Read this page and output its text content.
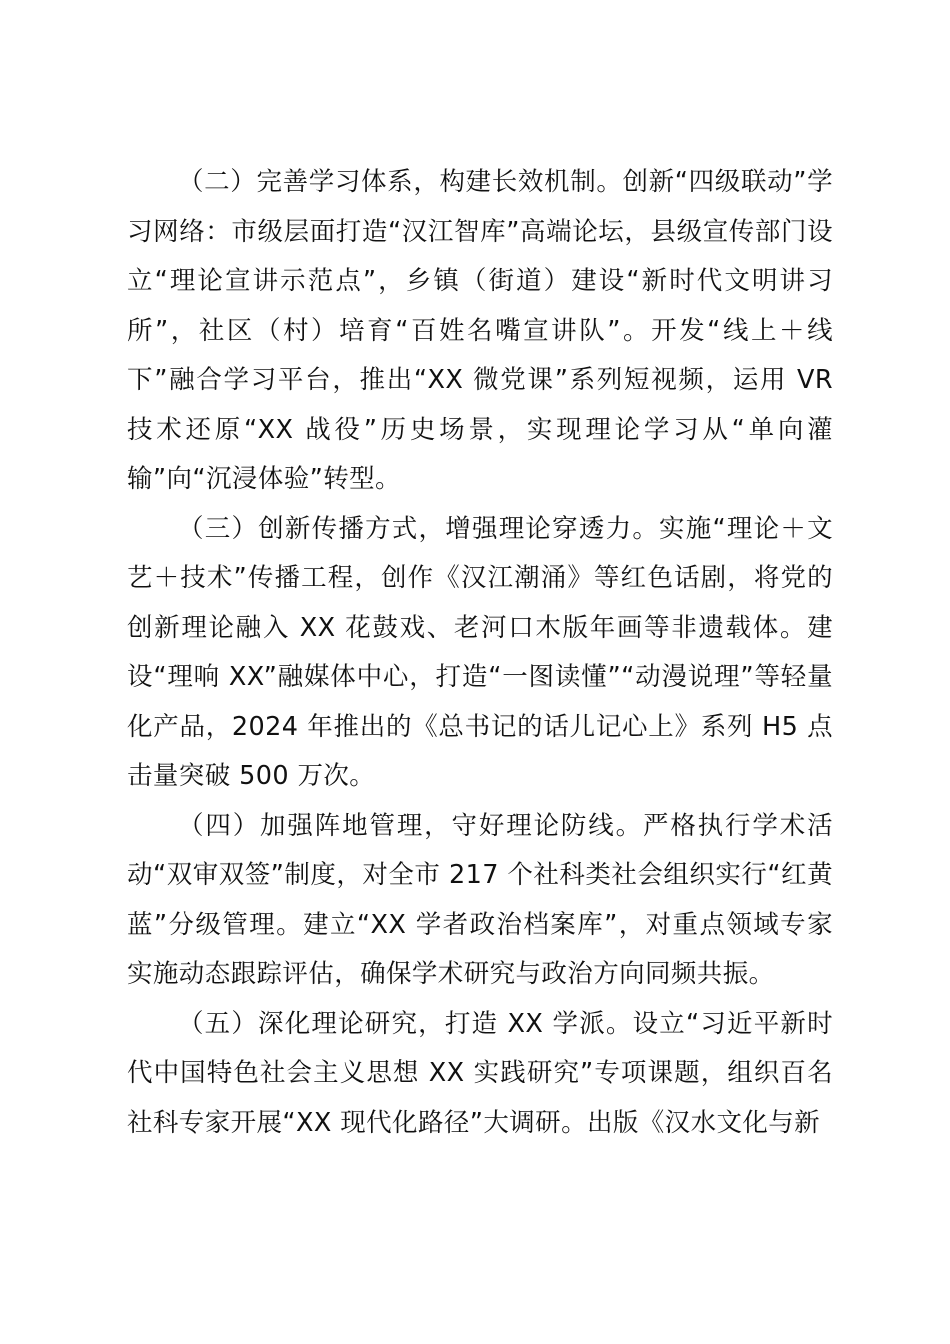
（二）完善学习体系，构建长效机制。创新“四级联动”学习网络：市级层面打造“汉江智库”高端论坛，县级宣传部门设立“理论宣讲示范点”，乡镇（街道）建设“新时代文明讲习所”，社区（村）培育“百姓名嘴宣讲队”。开发“线上＋线下”融合学习平台，推出“XX 微党课”系列短视频，运用 VR 技术还原“XX 战役”历史场景，实现理论学习从“单向灌输”向“沉浸体验”转型。

（三）创新传播方式，增强理论穿透力。实施“理论＋文艺＋技术”传播工程，创作《汉江潮涌》等红色话剧，将党的创新理论融入 XX 花鼓戏、老河口木版年画等非遗载体。建设“理响 XX”融媒体中心，打造“一图读懂”“动漫说理”等轻量化产品，2024 年推出的《总书记的话儿记心上》系列 H5 点击量突破 500 万次。

（四）加强阵地管理，守好理论防线。严格执行学术活动“双审双签”制度，对全市 217 个社科类社会组织实行“红黄蓝”分级管理。建立“XX 学者政治档案库”，对重点领域专家实施动态跟踪评估，确保学术研究与政治方向同频共振。

（五）深化理论研究，打造 XX 学派。设立“习近平新时代中国特色社会主义思想 XX 实践研究”专项课题，组织百名社科专家开展“XX 现代化路径”大调研。出版《汉水文化与新
